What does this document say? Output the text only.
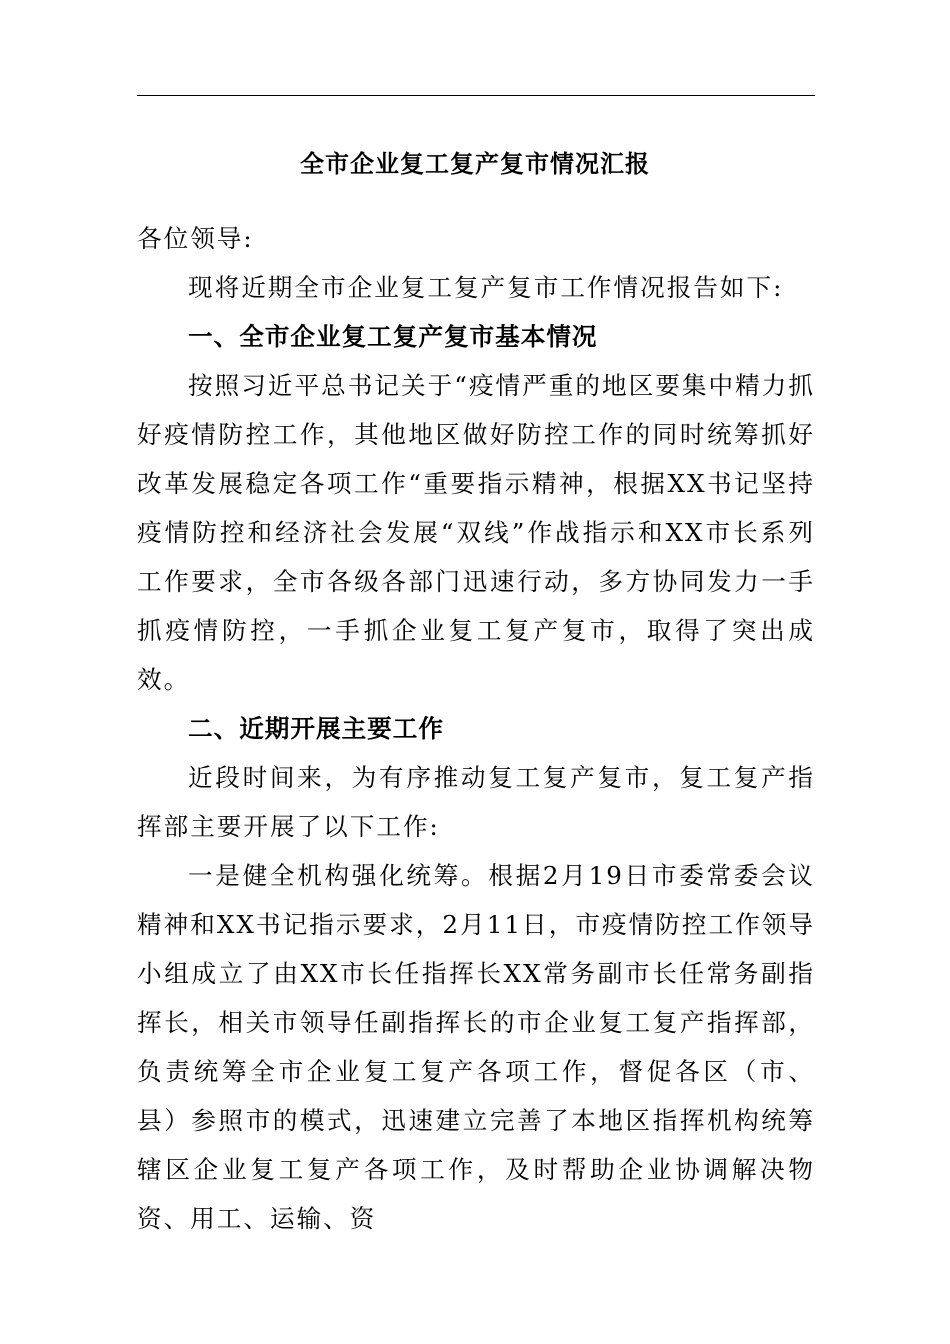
全市企业复工复产复市情况汇报

各位领导:

现将近期全市企业复工复产复市工作情况报告如下:

一、全市企业复工复产复市基本情况

按照习近平总书记关于“疫情严重的地区要集中精力抓好疫情防控工作，其他地区做好防控工作的同时统筹抓好改革发展稳定各项工作“重要指示精神，根据XX书记坚持疫情防控和经济社会发展“双线”作战指示和XX市长系列工作要求，全市各级各部门迅速行动，多方协同发力一手抓疫情防控，一手抓企业复工复产复市，取得了突出成效。

二、近期开展主要工作

近段时间来，为有序推动复工复产复市，复工复产指挥部主要开展了以下工作:

一是健全机构强化统筹。根据2月19日市委常委会议精神和XX书记指示要求，2月11日，市疫情防控工作领导小组成立了由XX市长任指挥长XX常务副市长任常务副指挥长，相关市领导任副指挥长的市企业复工复产指挥部，负责统筹全市企业复工复产各项工作，督促各区（市、县）参照市的模式，迅速建立完善了本地区指挥机构统筹辖区企业复工复产各项工作，及时帮助企业协调解决物资、用工、运输、资
